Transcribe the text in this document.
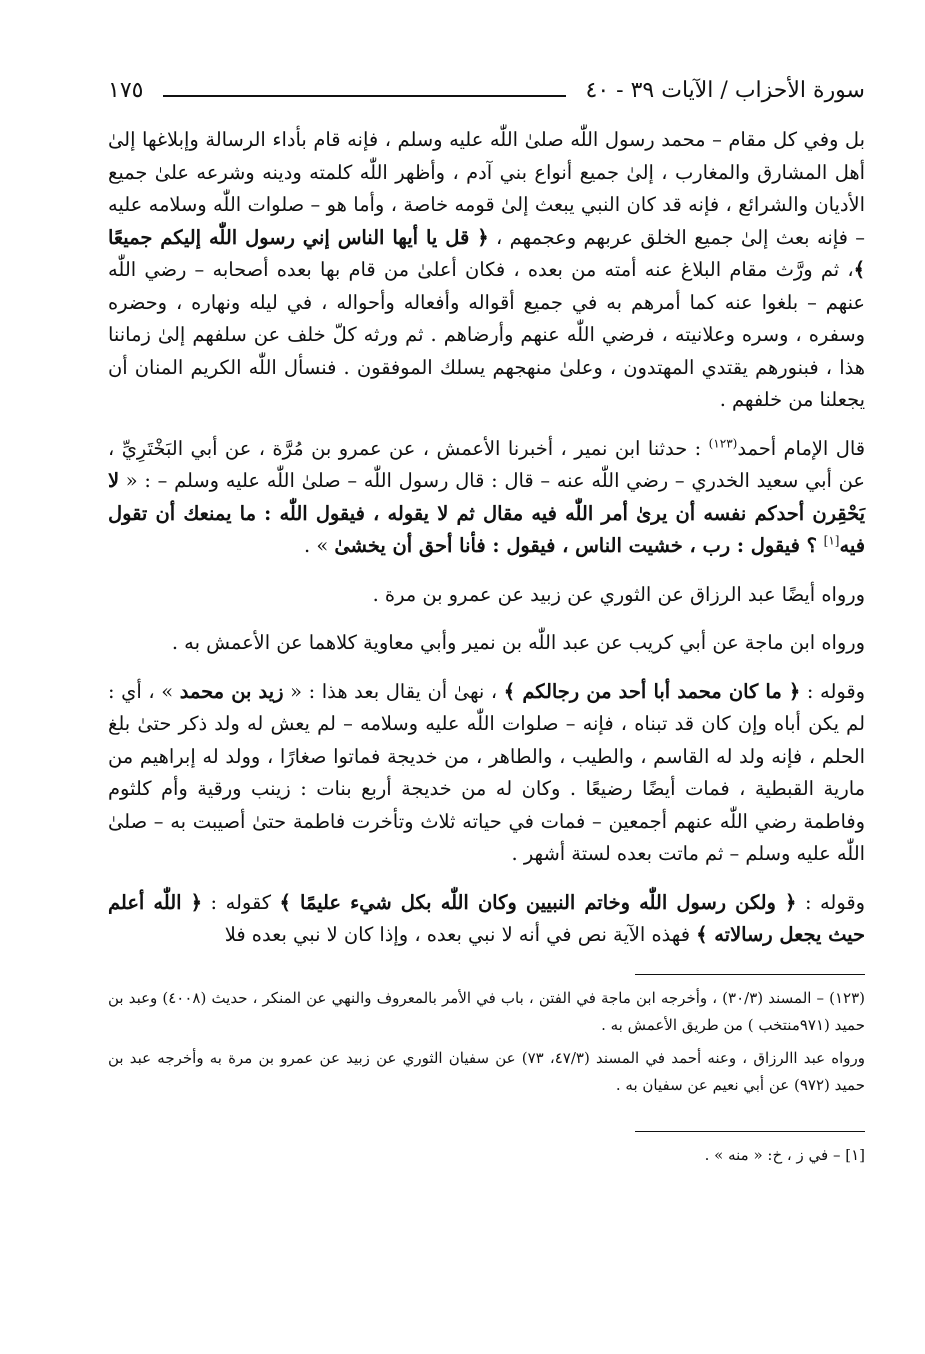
سورة الأحزاب / الآيات ٣٩ - ٤٠
١٧٥

بل وفي كل مقام – محمد رسول اللّٰه صلىٰ اللّٰه عليه وسلم ، فإنه قام بأداء الرسالة وإبلاغها إلىٰ أهل المشارق والمغارب ، إلىٰ جميع أنواع بني آدم ، وأظهر اللّٰه كلمته ودينه وشرعه علىٰ جميع الأديان والشرائع ، فإنه قد كان النبي يبعث إلىٰ قومه خاصة ، وأما هو – صلوات اللّٰه وسلامه عليه – فإنه بعث إلىٰ جميع الخلق عربهم وعجمهم ، ﴿ قل يا أيها الناس إني رسول اللّٰه إليكم جميعًا ﴾، ثم ورَّث مقام البلاغ عنه أمته من بعده ، فكان أعلىٰ من قام بها بعده أصحابه – رضي اللّٰه عنهم – بلغوا عنه كما أمرهم به في جميع أقواله وأفعاله وأحواله ، في ليله ونهاره ، وحضره وسفره ، وسره وعلانيته ، فرضي اللّٰه عنهم وأرضاهم . ثم ورثه كلّ خلف عن سلفهم إلىٰ زماننا هذا ، فبنورهم يقتدي المهتدون ، وعلىٰ منهجهم يسلك الموفقون . فنسأل اللّٰه الكريم المنان أن يجعلنا من خلفهم .

قال الإمام أحمد$^{(١٢٣)}$ : حدثنا ابن نمير ، أخبرنا الأعمش ، عن عمرو بن مُرَّة ، عن أبي البَخْتَرِيِّ ، عن أبي سعيد الخدري – رضي اللّٰه عنه – قال : قال رسول اللّٰه – صلىٰ اللّٰه عليه وسلم – : « لا يَحْقِرن أحدكم نفسه أن يرىٰ أمر اللّٰه فيه مقال ثم لا يقوله ، فيقول اللّٰه : ما يمنعك أن تقول فيه[١] ؟ فيقول : رب ، خشيت الناس ، فيقول : فأنا أحق أن يخشىٰ » .

ورواه أيضًا عبد الرزاق عن الثوري عن زبيد عن عمرو بن مرة .

ورواه ابن ماجة عن أبي كريب عن عبد اللّٰه بن نمير وأبي معاوية كلاهما عن الأعمش به .

وقوله : ﴿ ما كان محمد أبا أحد من رجالكم ﴾ ، نهىٰ أن يقال بعد هذا : « زيد بن محمد » ، أي : لم يكن أباه وإن كان قد تبناه ، فإنه – صلوات اللّٰه عليه وسلامه – لم يعش له ولد ذكر حتىٰ بلغ الحلم ، فإنه ولد له القاسم ، والطيب ، والطاهر ، من خديجة فماتوا صغارًا ، وولد له إبراهيم من مارية القبطية ، فمات أيضًا رضيعًا . وكان له من خديجة أربع بنات : زينب ورقية وأم كلثوم وفاطمة رضي اللّٰه عنهم أجمعين – فمات في حياته ثلاث وتأخرت فاطمة حتىٰ أصيبت به – صلىٰ اللّٰه عليه وسلم – ثم ماتت بعده لستة أشهر .

وقوله : ﴿ ولكن رسول اللّٰه وخاتم النبيين وكان اللّٰه بكل شيء عليمًا ﴾ كقوله : ﴿ اللّٰه أعلم حيث يجعل رسالاته ﴾ فهذه الآية نص في أنه لا نبي بعده ، وإذا كان لا نبي بعده فلا

(١٢٣) – المسند (٣٠/٣) ، وأخرجه ابن ماجة في الفتن ، باب في الأمر بالمعروف والنهي عن المنكر ، حديث (٤٠٠٨) وعبد بن حميد (٩٧١منتخب ) من طريق الأعمش به .

ورواه عبد االرزاق ، وعنه أحمد في المسند (٤٧/٣، ٧٣) عن سفيان الثوري عن زبيد عن عمرو بن مرة به وأخرجه عبد بن حميد (٩٧٢) عن أبي نعيم عن سفيان به .

[١] – في ز ، خ: « منه » .
